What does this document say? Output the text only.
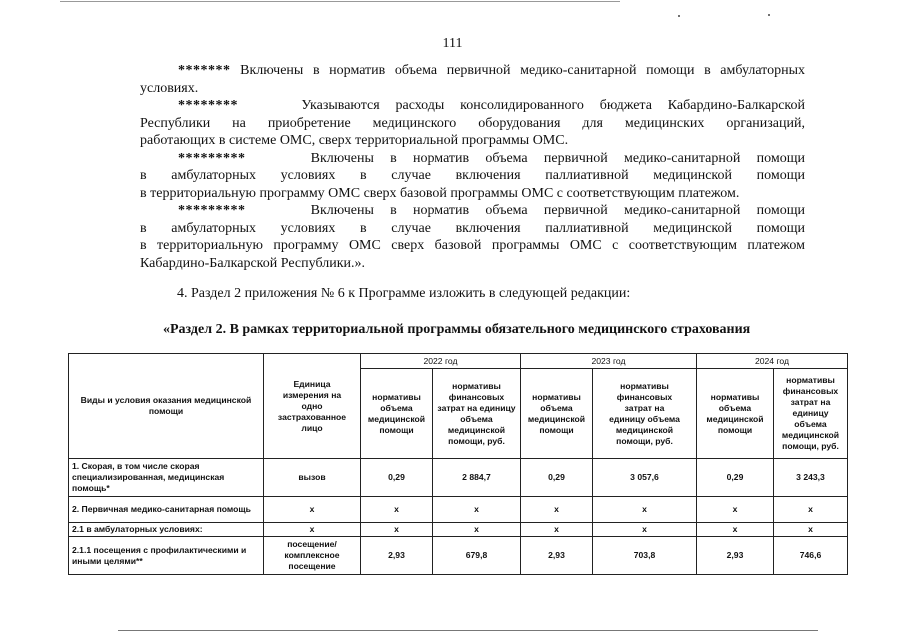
111

******* Включены в норматив объема первичной медико-санитарной помощи в амбулаторных

условиях.

********	Указываются расходы консолидированного бюджета Кабардино-Балкарской

Республики на приобретение медицинского оборудования для медицинских организаций,

работающих в системе ОМС, сверх территориальной программы ОМС.

*********	Включены в норматив объема первичной медико-санитарной помощи

в амбулаторных условиях в случае включения паллиативной медицинской помощи

в территориальную программу ОМС сверх базовой программы ОМС с соответствующим платежом.

*********	Включены в норматив объема первичной медико-санитарной помощи

в амбулаторных условиях в случае включения паллиативной медицинской помощи

в территориальную программу ОМС сверх базовой программы ОМС с соответствующим платежом

Кабардино-Балкарской Республики.».

4. Раздел 2 приложения № 6 к Программе изложить в следующей редакции:
«Раздел 2. В рамках территориальной программы обязательного медицинского страхования
Виды и условия оказания медицинской помощи	Единица измерения на одно застрахованное лицо	2022 год		2023 год		2024 год	
		нормативы объема медицинской помощи	нормативы финансовых затрат на единицу объема медицинской помощи, руб.	нормативы объема медицинской помощи	нормативы финансовых затрат на единицу объема медицинской помощи, руб.	нормативы объема медицинской помощи	нормативы финансовых затрат на единицу объема медицинской помощи, руб.
1. Скорая, в том числе скорая специализированная, медицинская помощь*	вызов	0,29	2 884,7	0,29	3 057,6	0,29	3 243,3
2. Первичная медико-санитарная помощь	х	х	х	х	х	х	х
2.1 в амбулаторных условиях:	х	х	х	х	х	х	х
2.1.1 посещения с профилактическими и иными целями**	посещение/ комплексное посещение	2,93	679,8	2,93	703,8	2,93	746,6
